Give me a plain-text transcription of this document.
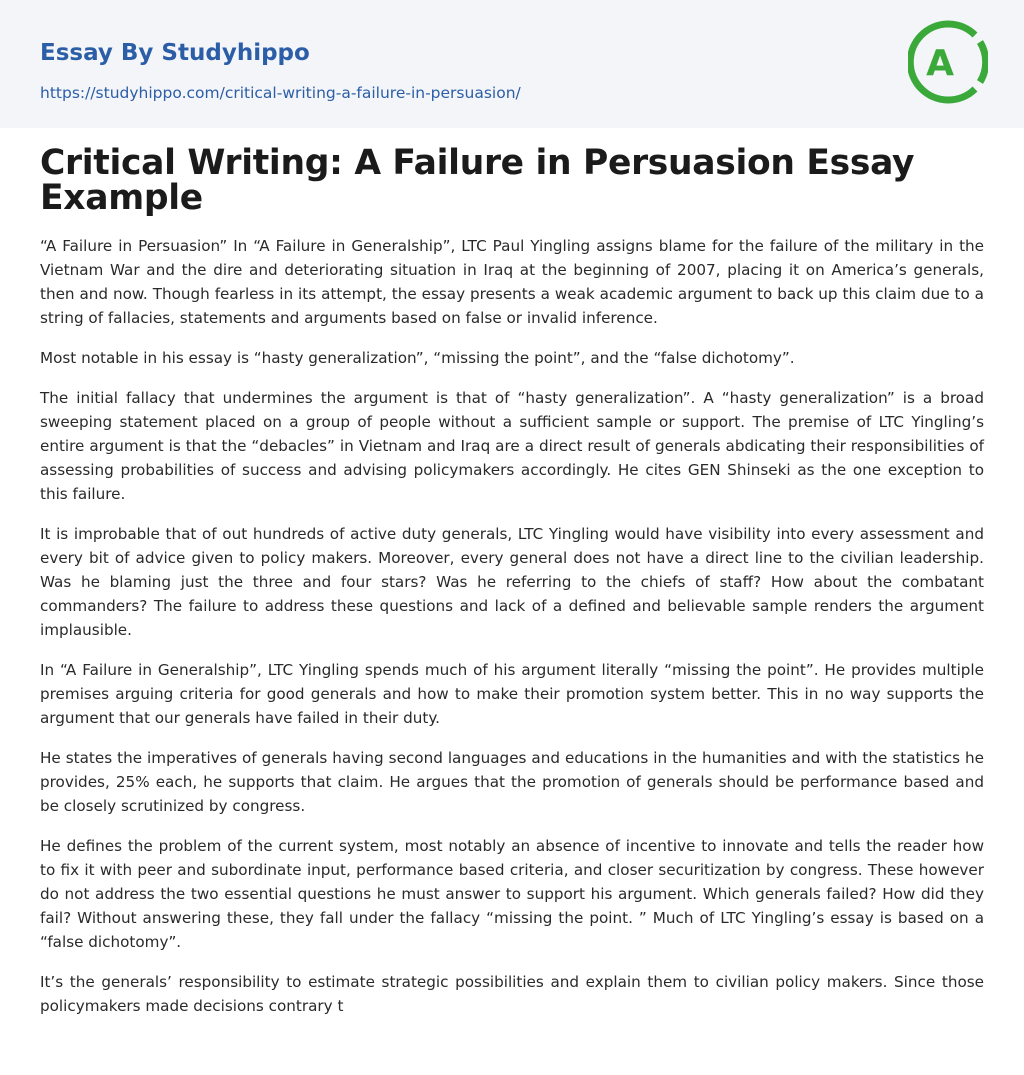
Essay By Studyhippo
https://studyhippo.com/critical-writing-a-failure-in-persuasion/
A
Critical Writing: A Failure in Persuasion Essay Example

“A Failure in Persuasion” In “A Failure in Generalship”, LTC Paul Yingling assigns blame for the failure of the military in the Vietnam War and the dire and deteriorating situation in Iraq at the beginning of 2007, placing it on America’s generals, then and now. Though fearless in its attempt, the essay presents a weak academic argument to back up this claim due to a string of fallacies, statements and arguments based on false or invalid inference.

Most notable in his essay is “hasty generalization”, “missing the point”, and the “false dichotomy”.

The initial fallacy that undermines the argument is that of “hasty generalization”. A “hasty generalization” is a broad sweeping statement placed on a group of people without a sufficient sample or support. The premise of LTC Yingling’s entire argument is that the “debacles” in Vietnam and Iraq are a direct result of generals abdicating their responsibilities of assessing probabilities of success and advising policymakers accordingly. He cites GEN Shinseki as the one exception to this failure.

It is improbable that of out hundreds of active duty generals, LTC Yingling would have visibility into every assessment and every bit of advice given to policy makers. Moreover, every general does not have a direct line to the civilian leadership. Was he blaming just the three and four stars? Was he referring to the chiefs of staff? How about the combatant commanders? The failure to address these questions and lack of a defined and believable sample renders the argument implausible.

In “A Failure in Generalship”, LTC Yingling spends much of his argument literally “missing the point”. He provides multiple premises arguing criteria for good generals and how to make their promotion system better. This in no way supports the argument that our generals have failed in their duty.

He states the imperatives of generals having second languages and educations in the humanities and with the statistics he provides, 25% each, he supports that claim. He argues that the promotion of generals should be performance based and be closely scrutinized by congress.

He defines the problem of the current system, most notably an absence of incentive to innovate and tells the reader how to fix it with peer and subordinate input, performance based criteria, and closer securitization by congress. These however do not address the two essential questions he must answer to support his argument. Which generals failed? How did they fail? Without answering these, they fall under the fallacy “missing the point. ” Much of LTC Yingling’s essay is based on a “false dichotomy”.

It’s the generals’ responsibility to estimate strategic possibilities and explain them to civilian policy makers. Since those policymakers made decisions contrary t
